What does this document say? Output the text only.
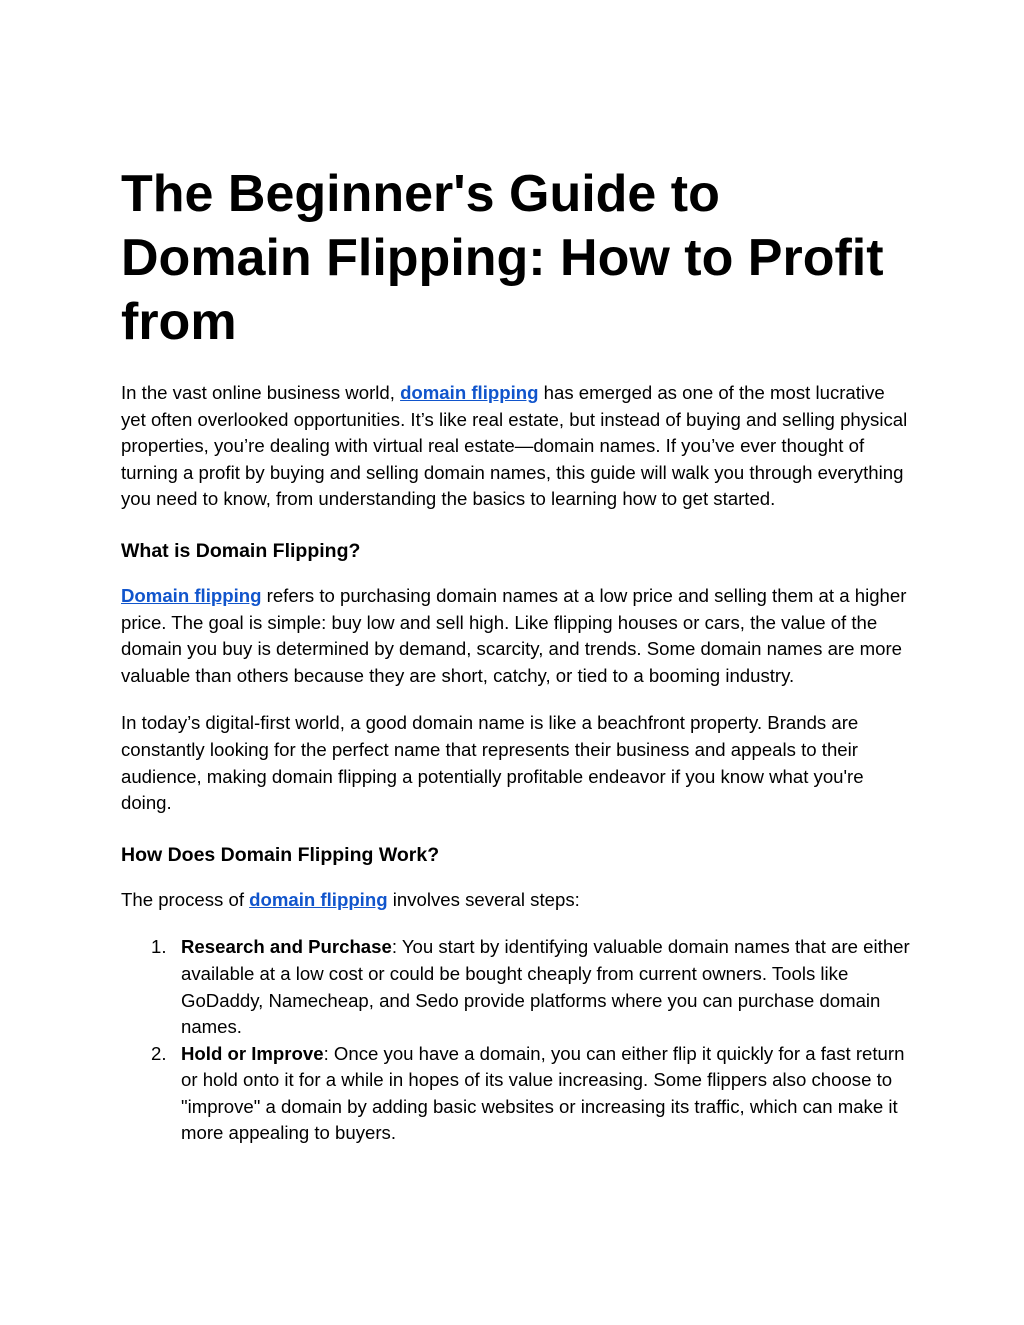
The Beginner's Guide to Domain Flipping: How to Profit from

In the vast online business world, domain flipping has emerged as one of the most lucrative yet often overlooked opportunities. It’s like real estate, but instead of buying and selling physical properties, you’re dealing with virtual real estate—domain names. If you’ve ever thought of turning a profit by buying and selling domain names, this guide will walk you through everything you need to know, from understanding the basics to learning how to get started.

What is Domain Flipping?

Domain flipping refers to purchasing domain names at a low price and selling them at a higher price. The goal is simple: buy low and sell high. Like flipping houses or cars, the value of the domain you buy is determined by demand, scarcity, and trends. Some domain names are more valuable than others because they are short, catchy, or tied to a booming industry.

In today’s digital-first world, a good domain name is like a beachfront property. Brands are constantly looking for the perfect name that represents their business and appeals to their audience, making domain flipping a potentially profitable endeavor if you know what you're doing.

How Does Domain Flipping Work?

The process of domain flipping involves several steps:

1. Research and Purchase: You start by identifying valuable domain names that are either available at a low cost or could be bought cheaply from current owners. Tools like GoDaddy, Namecheap, and Sedo provide platforms where you can purchase domain names.
2. Hold or Improve: Once you have a domain, you can either flip it quickly for a fast return or hold onto it for a while in hopes of its value increasing. Some flippers also choose to "improve" a domain by adding basic websites or increasing its traffic, which can make it more appealing to buyers.
